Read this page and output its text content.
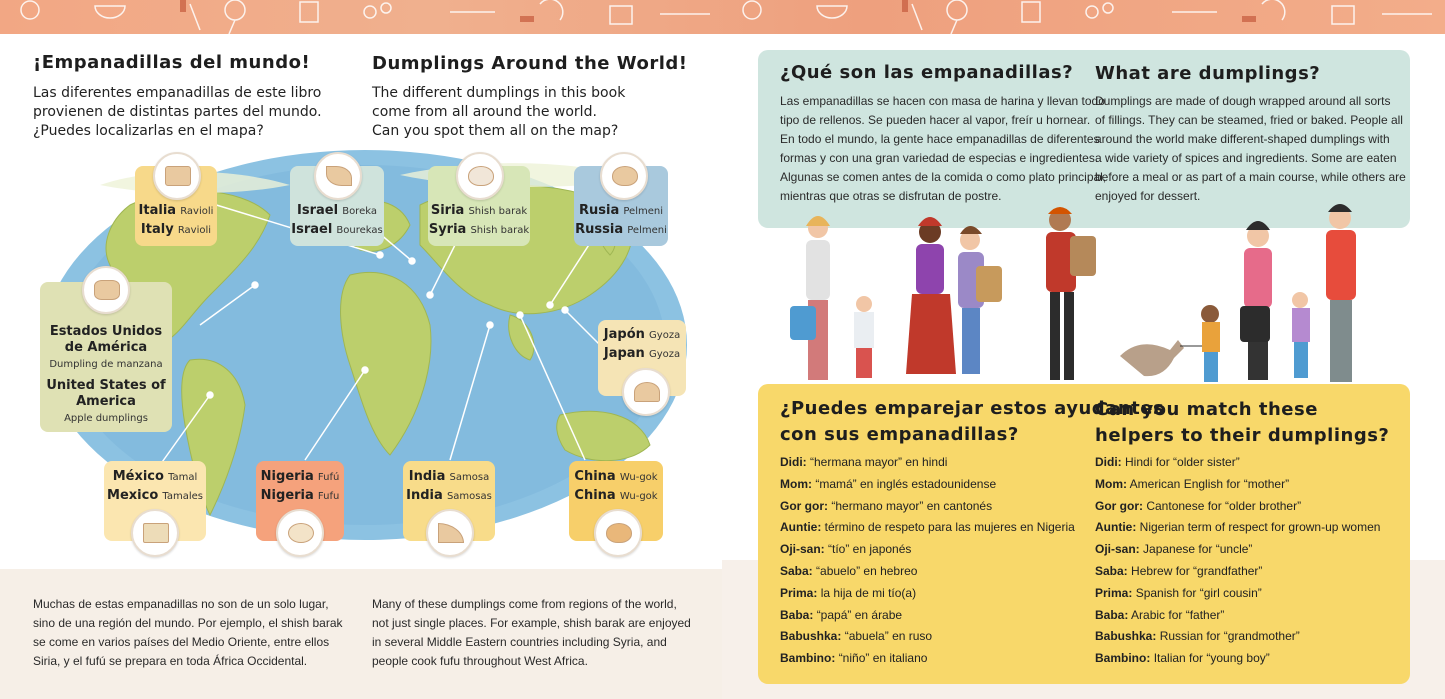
¡Empanadillas del mundo!
Las diferentes empanadillas de este libro
provienen de distintas partes del mundo.
¿Puedes localizarlas en el mapa?
Dumplings Around the World!
The different dumplings in this book
come from all around the world.
Can you spot them all on the map?
Italia Ravioli
Italy Ravioli
Israel Boreka
Israel Bourekas
Siria Shish barak
Syria Shish barak
Rusia Pelmeni
Russia Pelmeni
Estados Unidos de América
Dumpling de manzana
United States of America
Apple dumplings
Japón Gyoza
Japan Gyoza
México Tamal
Mexico Tamales
Nigeria Fufú
Nigeria Fufu
India Samosa
India Samosas
China Wu-gok
China Wu-gok
Muchas de estas empanadillas no son de un solo lugar,
sino de una región del mundo. Por ejemplo, el shish barak
se come en varios países del Medio Oriente, entre ellos
Siria, y el fufú se prepara en toda África Occidental.
Many of these dumplings come from regions of the world,
not just single places. For example, shish barak are enjoyed
in several Middle Eastern countries including Syria, and
people cook fufu throughout West Africa.
¿Qué son las empanadillas?
Las empanadillas se hacen con masa de harina y llevan todo
tipo de rellenos. Se pueden hacer al vapor, freír u hornear.
En todo el mundo, la gente hace empanadillas de diferentes
formas y con una gran variedad de especias e ingredientes.
Algunas se comen antes de la comida o como plato principal,
mientras que otras se disfrutan de postre.
What are dumplings?
Dumplings are made of dough wrapped around all sorts
of fillings. They can be steamed, fried or baked. People all
around the world make different-shaped dumplings with
a wide variety of spices and ingredients. Some are eaten
before a meal or as part of a main course, while others are
enjoyed for dessert.
¿Puedes emparejar estos ayudantes
con sus empanadillas?
Can you match these
helpers to their dumplings?
Didi: “hermana mayor” en hindi
Mom: “mamá” en inglés estadounidense
Gor gor: “hermano mayor” en cantonés
Auntie: término de respeto para las mujeres en Nigeria
Oji-san: “tío” en japonés
Saba: “abuelo” en hebreo
Prima: la hija de mi tío(a)
Baba: “papá” en árabe
Babushka: “abuela” en ruso
Bambino: “niño” en italiano
Didi: Hindi for “older sister”
Mom: American English for “mother”
Gor gor: Cantonese for “older brother”
Auntie: Nigerian term of respect for grown-up women
Oji-san: Japanese for “uncle”
Saba: Hebrew for “grandfather”
Prima: Spanish for “girl cousin”
Baba: Arabic for “father”
Babushka: Russian for “grandmother”
Bambino: Italian for “young boy”
